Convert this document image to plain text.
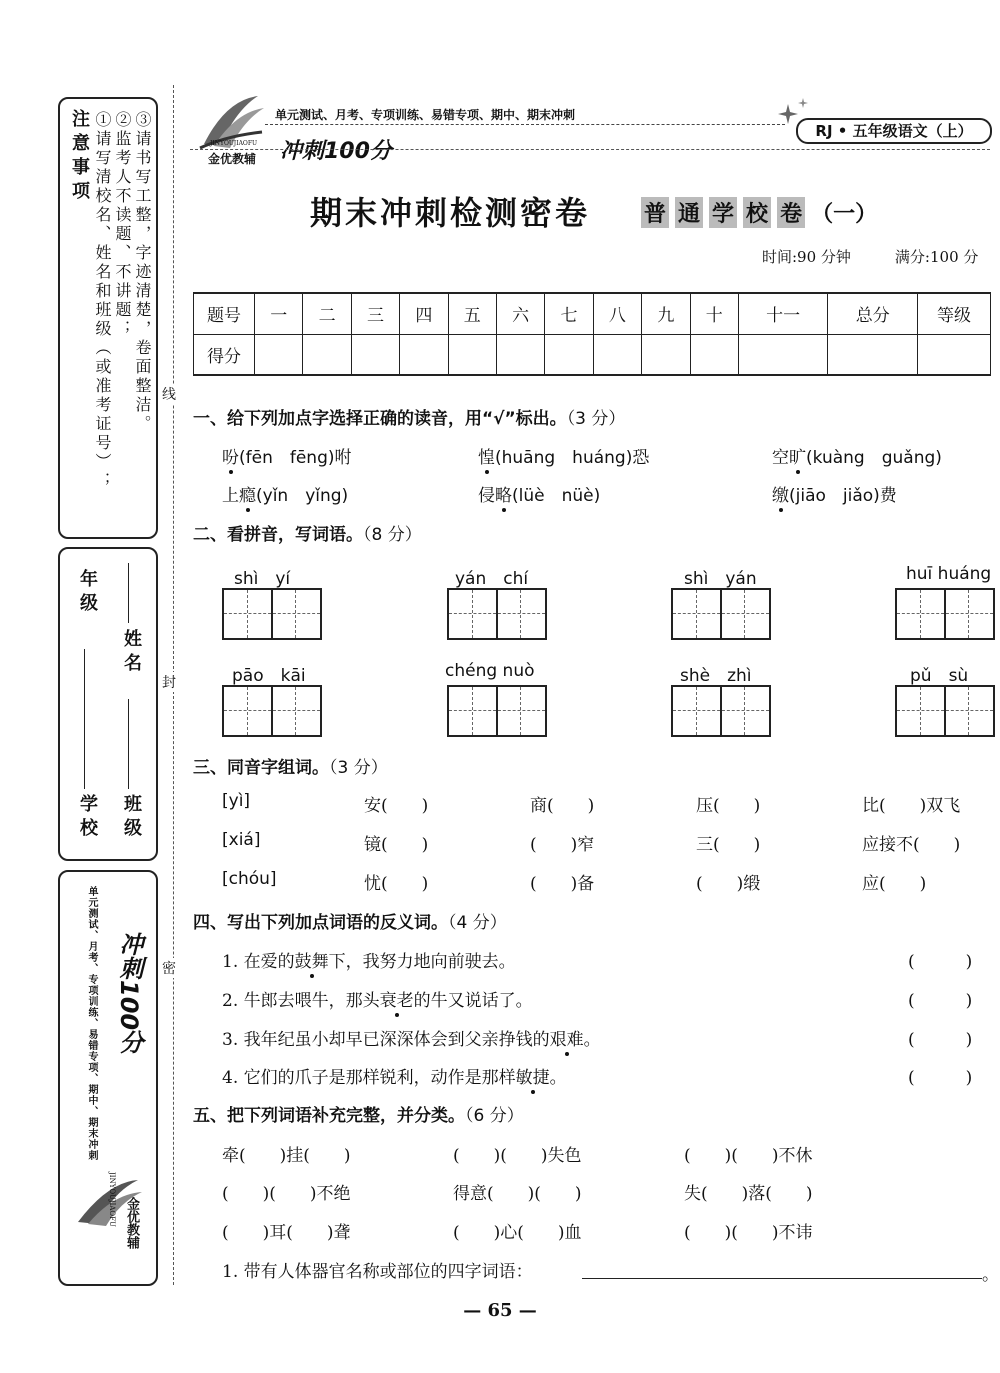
注意事项 ①请写清校名、姓名和班级（或准考证号）； ②监考人不读题、不讲题； ③请书写工整，字迹清楚，卷面整洁。
学校
年级
班级
姓名
单元测试、月考、专项训练、易错专项、期中、期末冲刺 冲刺100分
金优教辅
JINYOUJIAOFU
线
封
密
JINYOUJIAOFU
金优教辅
单元测试、月考、专项训练、易错专项、期中、期末冲刺
RJ • 五年级语文（上）
冲刺100分
期末冲刺检测密卷 普 通 学 校 卷 （一）
时间:90 分钟	满分:100 分
题号	一	二	三	四	五	六	七	八	九	十	十一	总分	等级
得分													
一、给下列加点字选择正确的读音，用“√”标出。（3 分）
吩(fēn　fēng)咐	惶(huāng　huáng)恐	空旷(kuàng　guǎng)
上瘾(yǐn　yǐng)	侵略(lüè　nüè)	缴(jiāo　jiǎo)费
二、看拼音，写词语。（8 分）
shì　yí	yán　chí	shì　yán	huī huáng
pāo　kāi	chéng nuò	shè　zhì	pǔ　sù
三、同音字组词。（3 分）
[yì]	安(　　)	商(　　)	压(　　)	比(　　)双飞
[xiá]	镜(　　)	(　　)窄	三(　　)	应接不(　　)
[chóu]	忧(　　)	(　　)备	(　　)缎	应(　　)
四、写出下列加点词语的反义词。（4 分）
1. 在爱的鼓舞下，我努力地向前驶去。	(　　　)
2. 牛郎去喂牛，那头衰老的牛又说话了。	(　　　)
3. 我年纪虽小却早已深深体会到父亲挣钱的艰难。	(　　　)
4. 它们的爪子是那样锐利，动作是那样敏捷。	(　　　)
五、把下列词语补充完整，并分类。（6 分）
牵(　　)挂(　　)	(　　)(　　)失色	(　　)(　　)不休
(　　)(　　)不绝	得意(　　)(　　)	失(　　)落(　　)
(　　)耳(　　)聋	(　　)心(　　)血	(　　)(　　)不讳
1. 带有人体器官名称或部位的四字词语：	。
— 65 —
